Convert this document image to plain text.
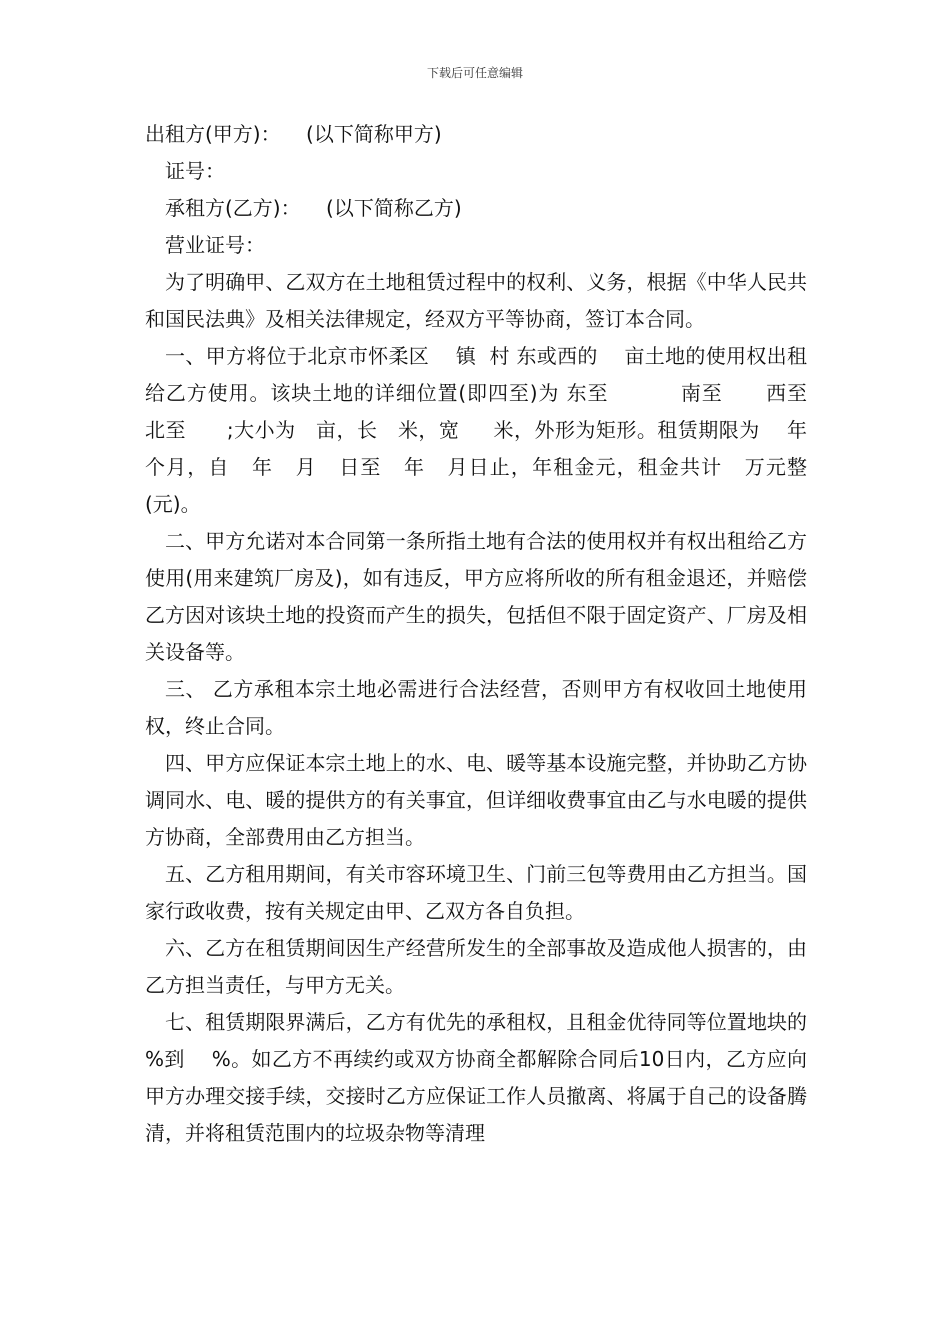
下载后可任意编辑

出租方(甲方)：    (以下简称甲方)

证号：

承租方(乙方)：    (以下简称乙方)

营业证号：

为了明确甲、乙双方在土地租赁过程中的权利、义务，根据《中华人民共和国民法典》及相关法律规定，经双方平等协商，签订本合同。

一、甲方将位于北京市怀柔区    镇  村 东或西的    亩土地的使用权出租给乙方使用。该块土地的详细位置(即四至)为 东至          南至      西至      北至      ;大小为   亩，长   米，宽     米，外形为矩形。租赁期限为    年   个月，自   年   月   日至   年   月日止，年租金元，租金共计   万元整(元)。

二、甲方允诺对本合同第一条所指土地有合法的使用权并有权出租给乙方使用(用来建筑厂房及)，如有违反，甲方应将所收的所有租金退还，并赔偿乙方因对该块土地的投资而产生的损失，包括但不限于固定资产、厂房及相关设备等。

三、 乙方承租本宗土地必需进行合法经营，否则甲方有权收回土地使用权，终止合同。

四、甲方应保证本宗土地上的水、电、暖等基本设施完整，并协助乙方协调同水、电、暖的提供方的有关事宜，但详细收费事宜由乙与水电暖的提供方协商，全部费用由乙方担当。

五、乙方租用期间，有关市容环境卫生、门前三包等费用由乙方担当。国家行政收费，按有关规定由甲、乙双方各自负担。

六、乙方在租赁期间因生产经营所发生的全部事故及造成他人损害的，由乙方担当责任，与甲方无关。

七、租赁期限界满后，乙方有优先的承租权，且租金优待同等位置地块的    %到    %。如乙方不再续约或双方协商全都解除合同后10日内，乙方应向甲方办理交接手续，交接时乙方应保证工作人员撤离、将属于自己的设备腾清，并将租赁范围内的垃圾杂物等清理
